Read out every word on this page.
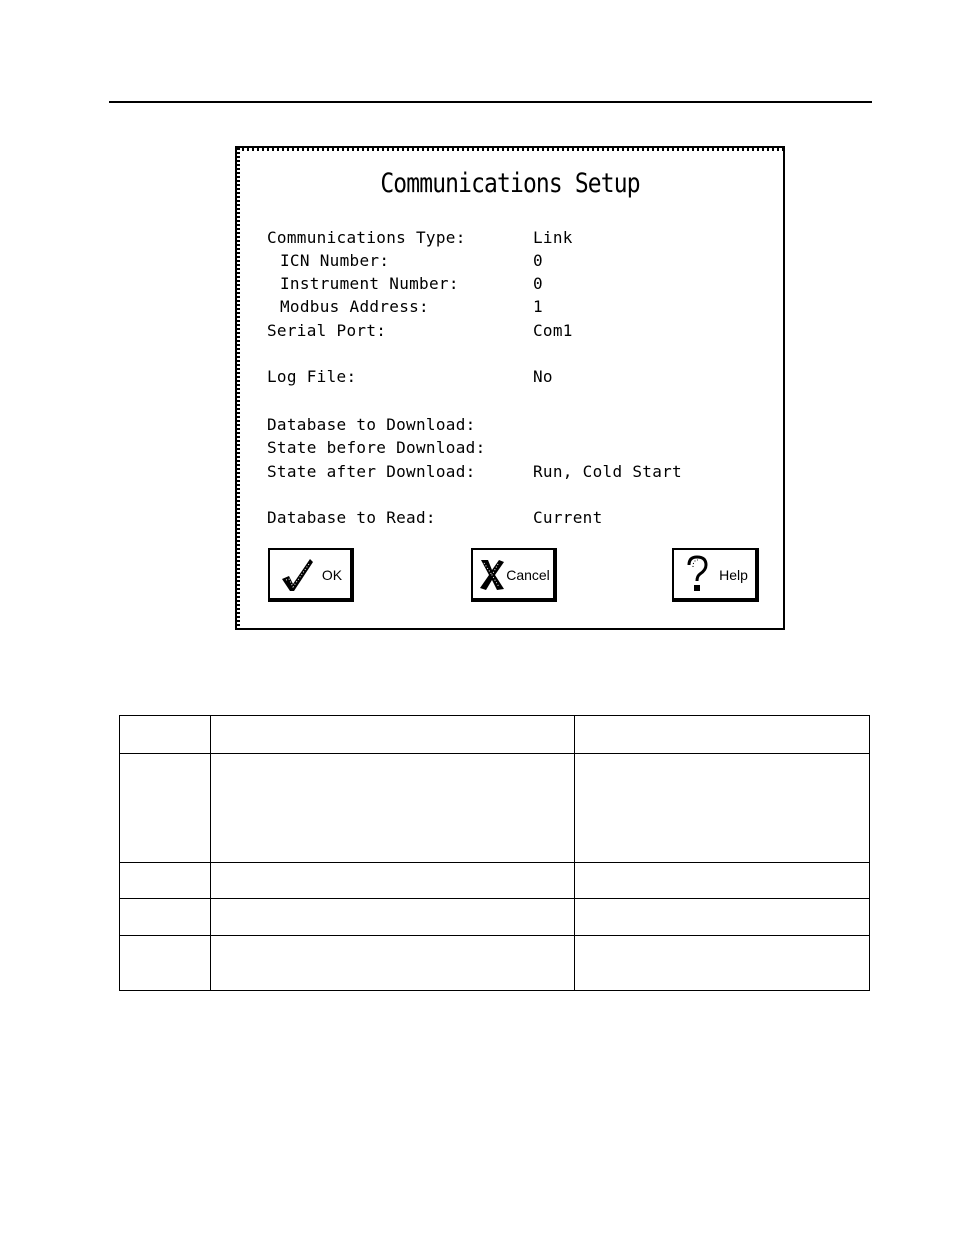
Communications Setup
Communications Type:	Link
ICN Number:	0
Instrument Number:	0
Modbus Address:	1
Serial Port:	Com1
Log File:	No
Database to Download:
State before Download:
State after Download:	Run, Cold Start
Database to Read:	Current
OK	Cancel	Help
